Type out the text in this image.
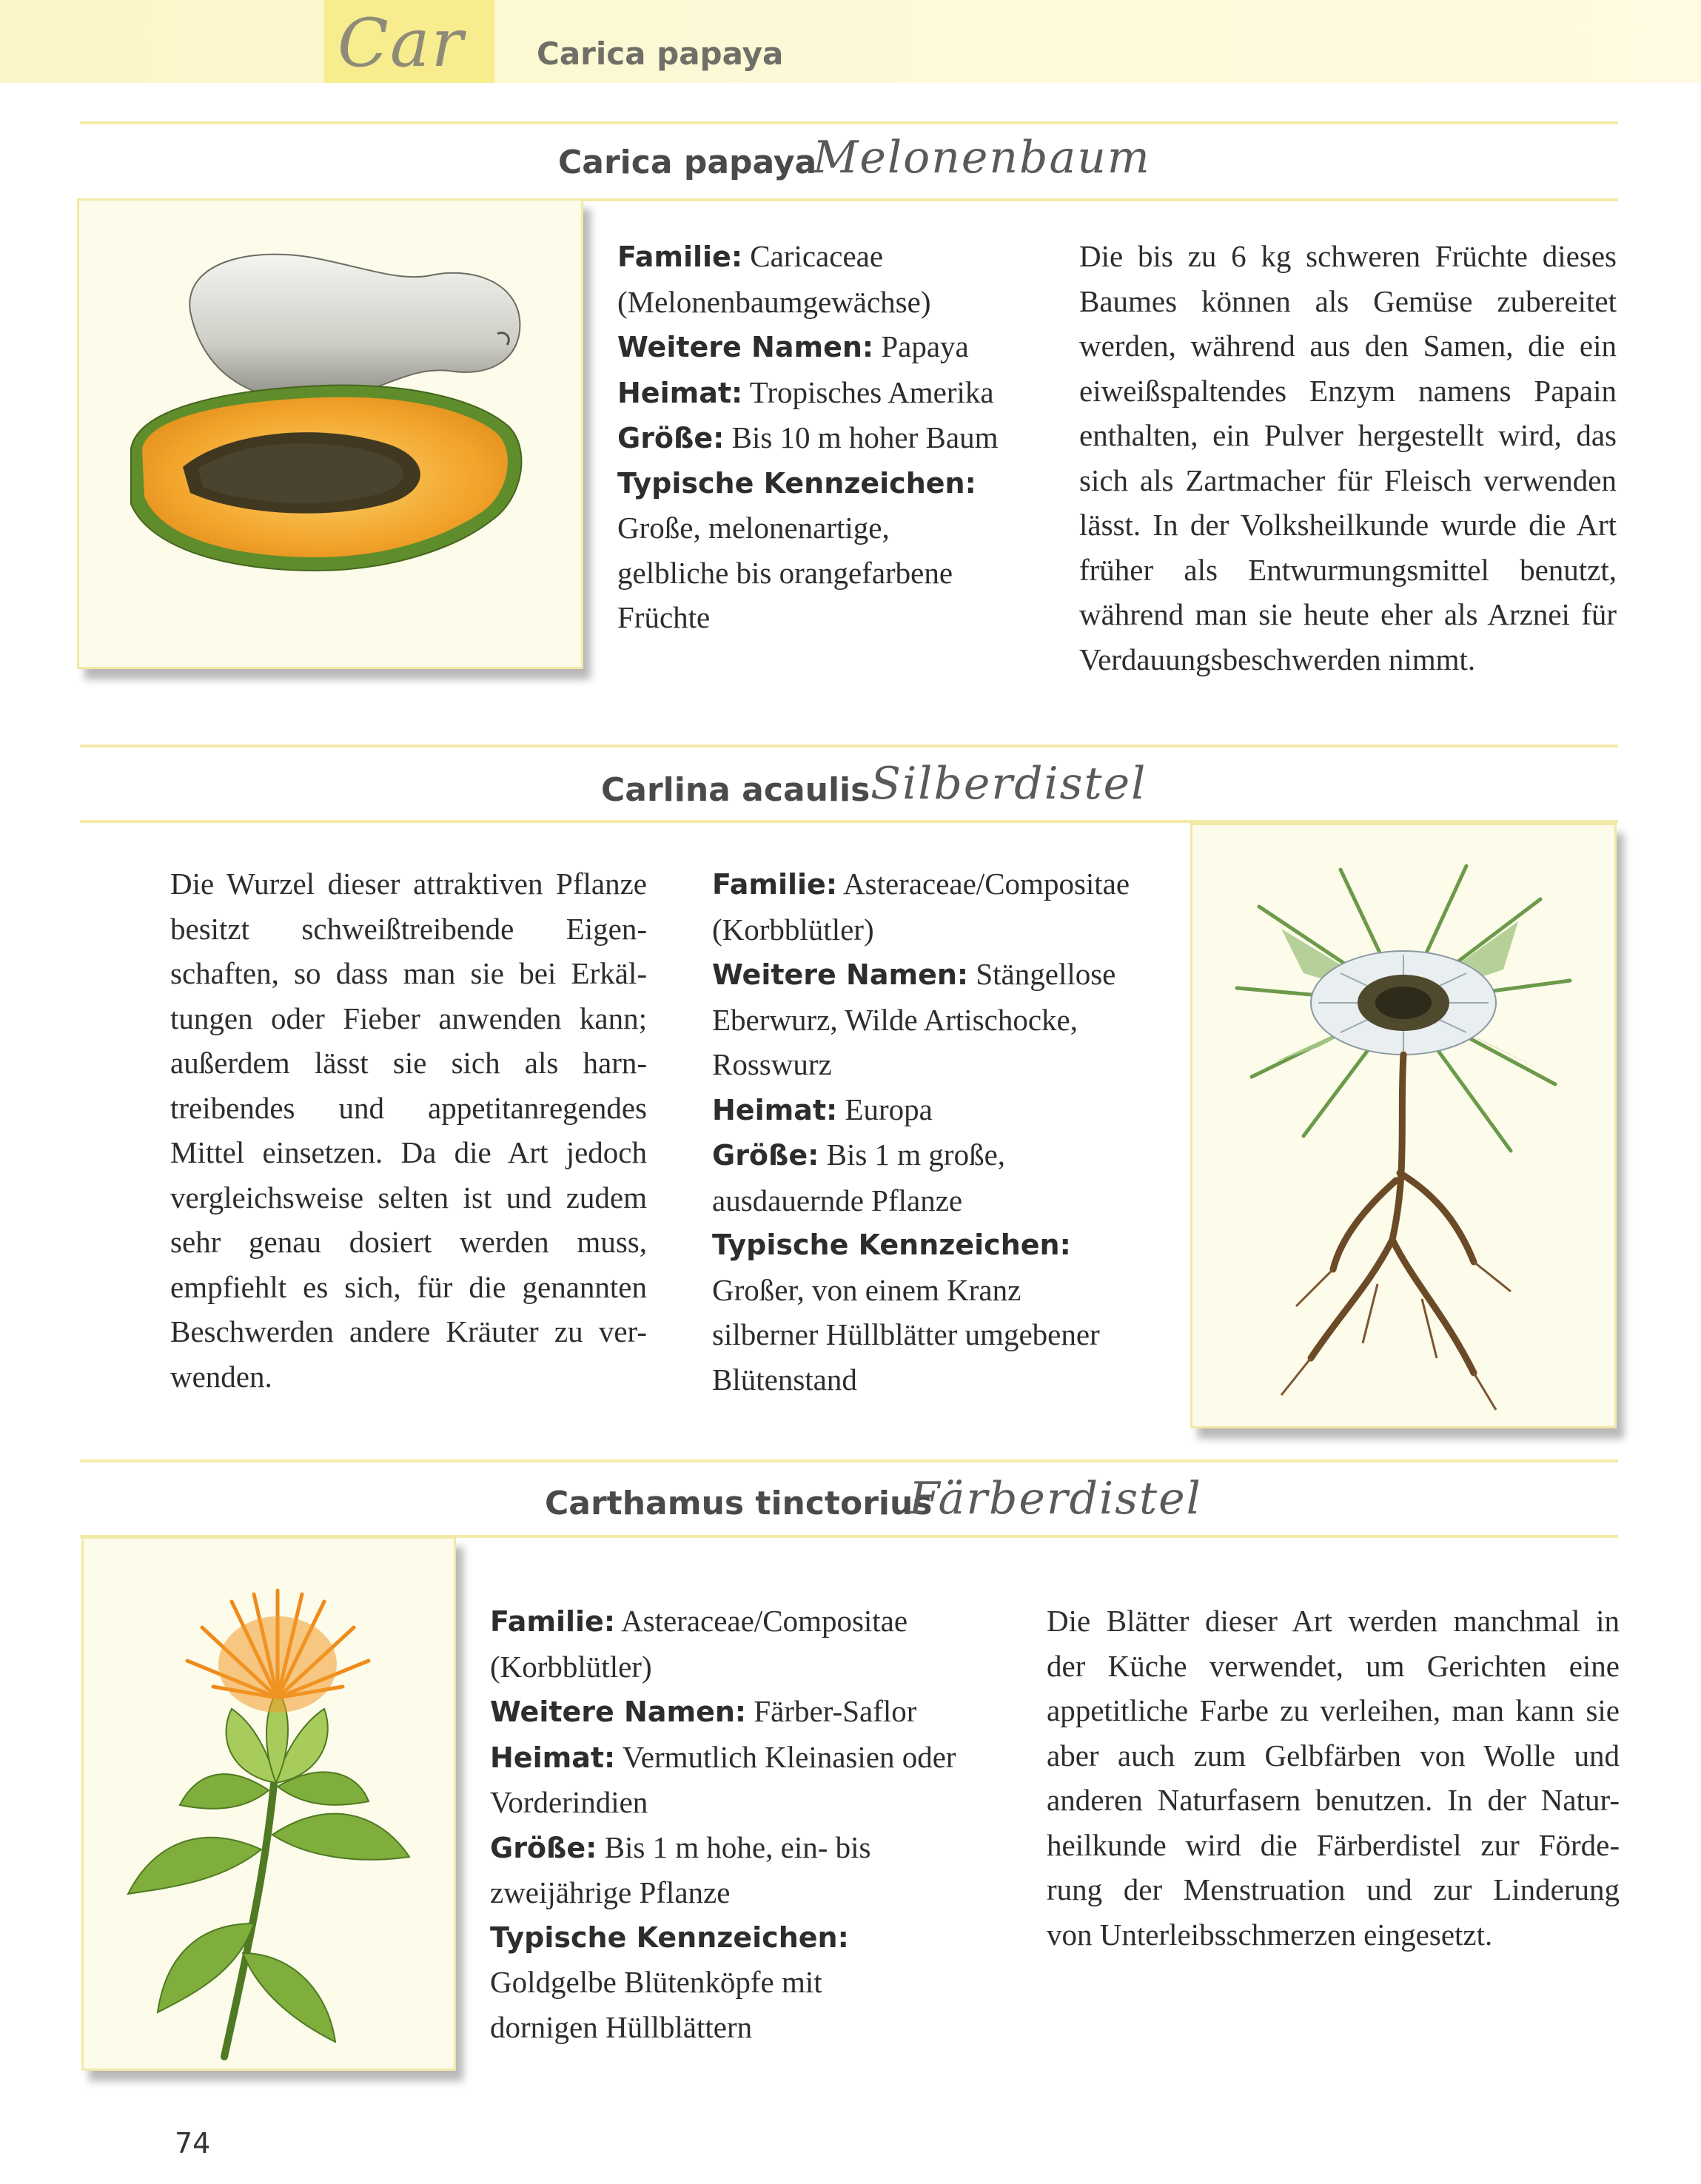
Car Carica papaya
Carica papaya
Melonenbaum
Familie: Caricaceae
(Melonenbaumgewächse)
Weitere Namen: Papaya
Heimat: Tropisches Amerika
Größe: Bis 10 m hoher Baum
Typische Kennzeichen:
Große, melonenartige,
gelbliche bis orangefarbene
Früchte
Die bis zu 6 kg schweren Früchte dieses
Baumes können als Gemüse zubereitet
werden, während aus den Samen, die ein
eiweißspaltendes Enzym namens Papain
enthalten, ein Pulver hergestellt wird, das
sich als Zartmacher für Fleisch verwenden
lässt. In der Volksheilkunde wurde die Art
früher als Entwurmungsmittel benutzt,
während man sie heute eher als Arznei für
Verdauungsbeschwerden nimmt.
Carlina acaulis Silberdistel
Die Wurzel dieser attraktiven Pflanze
besitzt schweißtreibende Eigen-
schaften, so dass man sie bei Erkäl-
tungen oder Fieber anwenden kann;
außerdem lässt sie sich als harn-
treibendes und appetitanregendes
Mittel einsetzen. Da die Art jedoch
vergleichsweise selten ist und zudem
sehr genau dosiert werden muss,
empfiehlt es sich, für die genannten
Beschwerden andere Kräuter zu ver-
wenden.
Familie: Asteraceae/Compositae
(Korbblütler)
Weitere Namen: Stängellose
Eberwurz, Wilde Artischocke,
Rosswurz
Heimat: Europa
Größe: Bis 1 m große,
ausdauernde Pflanze
Typische Kennzeichen:
Großer, von einem Kranz
silberner Hüllblätter umgebener
Blütenstand
Carthamus tinctorius
Färberdistel
Familie: Asteraceae/Compositae
(Korbblütler)
Weitere Namen: Färber-Saflor
Heimat: Vermutlich Kleinasien oder
Vorderindien
Größe: Bis 1 m hohe, ein- bis
zweijährige Pflanze
Typische Kennzeichen:
Goldgelbe Blütenköpfe mit
dornigen Hüllblättern
Die Blätter dieser Art werden manchmal in
der Küche verwendet, um Gerichten eine
appetitliche Farbe zu verleihen, man kann sie
aber auch zum Gelbfärben von Wolle und
anderen Naturfasern benutzen. In der Natur-
heilkunde wird die Färberdistel zur Förde-
rung der Menstruation und zur Linderung
von Unterleibsschmerzen eingesetzt.
74
